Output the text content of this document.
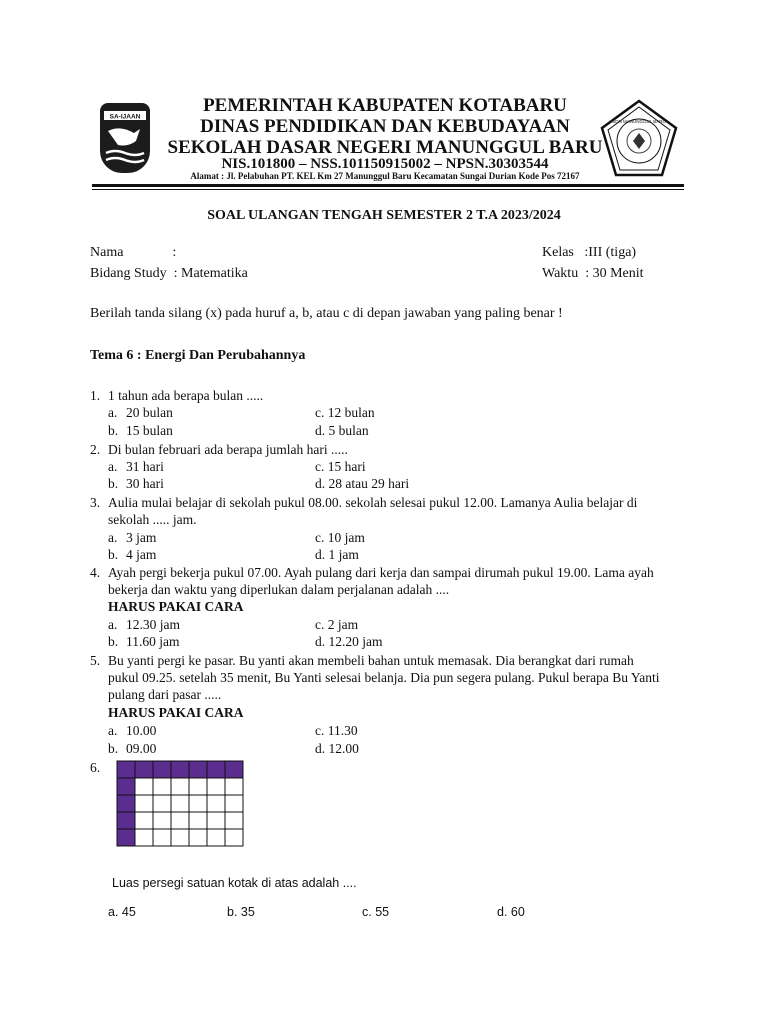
SA-IJAAN
SDN MANUNGGUL BARU
PEMERINTAH KABUPATEN KOTABARU
DINAS PENDIDIKAN DAN KEBUDAYAAN
SEKOLAH DASAR NEGERI MANUNGGUL BARU
NIS.101800 – NSS.101150915002 – NPSN.30303544
Alamat : Jl. Pelabuhan PT. KEL Km 27 Manunggul Baru Kecamatan Sungai Durian Kode Pos 72167
SOAL ULANGAN TENGAH SEMESTER 2 T.A 2023/2024
Nama              :
Bidang Study  : Matematika
Kelas   :III (tiga)
Waktu  : 30 Menit
Berilah tanda silang (x) pada huruf a, b, atau c di depan jawaban yang paling benar !
Tema 6 : Energi Dan Perubahannya
1. 1 tahun ada berapa bulan .....
a. 20 bulan	c. 12 bulan
b. 15 bulan	d. 5 bulan
2. Di bulan februari ada berapa jumlah hari .....
a. 31 hari	c. 15 hari
b. 30 hari	d. 28 atau 29 hari
3. Aulia mulai belajar di sekolah pukul 08.00. sekolah selesai pukul 12.00. Lamanya Aulia belajar di
sekolah ..... jam.
a. 3 jam	c. 10 jam
b. 4 jam	d. 1 jam
4. Ayah pergi bekerja pukul 07.00. Ayah pulang dari kerja dan sampai dirumah pukul 19.00. Lama ayah
bekerja dan waktu yang diperlukan dalam perjalanan adalah ....
HARUS PAKAI CARA
a. 12.30 jam	c. 2 jam
b. 11.60 jam	d. 12.20 jam
5. Bu yanti pergi ke pasar. Bu yanti akan membeli bahan untuk memasak. Dia berangkat dari rumah
pukul 09.25. setelah 35 menit, Bu Yanti selesai belanja. Dia pun segera pulang. Pukul berapa Bu Yanti
pulang dari pasar .....
HARUS PAKAI CARA
a. 10.00	c. 11.30
b. 09.00	d. 12.00
6.
Luas persegi satuan kotak di atas adalah ....
a. 45	b. 35	c. 55	d. 60
